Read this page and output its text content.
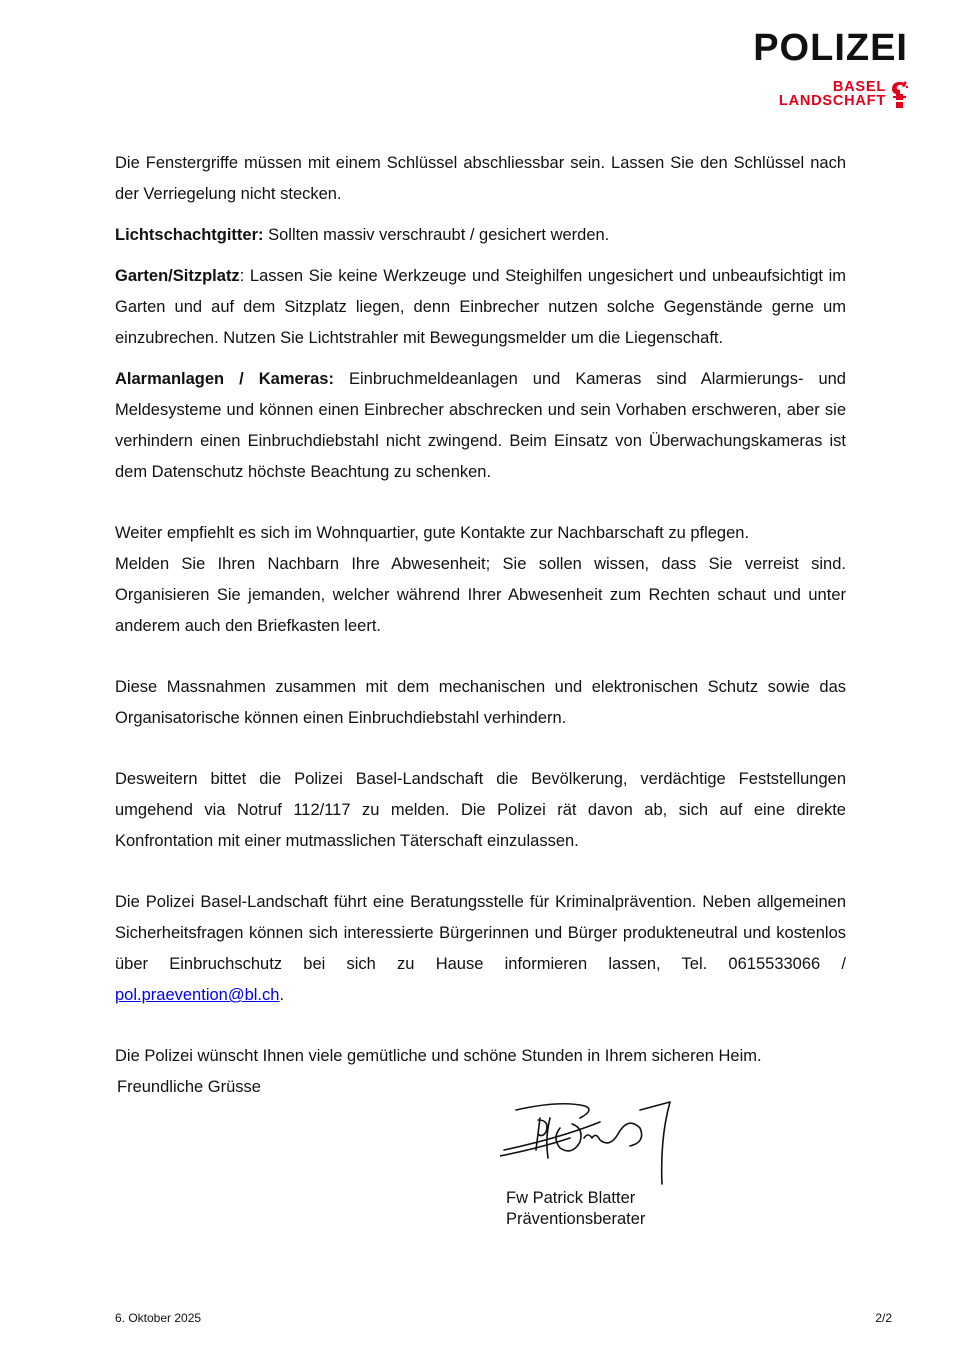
POLIZEI
BASEL
LANDSCHAFT

Die Fenstergriffe müssen mit einem Schlüssel abschliessbar sein. Lassen Sie den Schlüssel nach der Verriegelung nicht stecken.

Lichtschachtgitter: Sollten massiv verschraubt / gesichert werden.

Garten/Sitzplatz: Lassen Sie keine Werkzeuge und Steighilfen ungesichert und unbeaufsichtigt im Garten und auf dem Sitzplatz liegen, denn Einbrecher nutzen solche Gegenstände gerne um einzubrechen. Nutzen Sie Lichtstrahler mit Bewegungsmelder um die Liegenschaft.

Alarmanlagen / Kameras: Einbruchmeldeanlagen und Kameras sind Alarmierungs- und Meldesysteme und können einen Einbrecher abschrecken und sein Vorhaben erschweren, aber sie verhindern einen Einbruchdiebstahl nicht zwingend. Beim Einsatz von Überwachungskameras ist dem Datenschutz höchste Beachtung zu schenken.

Weiter empfiehlt es sich im Wohnquartier, gute Kontakte zur Nachbarschaft zu pflegen.
Melden Sie Ihren Nachbarn Ihre Abwesenheit; Sie sollen wissen, dass Sie verreist sind. Organisieren Sie jemanden, welcher während Ihrer Abwesenheit zum Rechten schaut und unter anderem auch den Briefkasten leert.

Diese Massnahmen zusammen mit dem mechanischen und elektronischen Schutz sowie das Organisatorische können einen Einbruchdiebstahl verhindern.

Desweitern bittet die Polizei Basel-Landschaft die Bevölkerung, verdächtige Feststellungen umgehend via Notruf 112/117 zu melden. Die Polizei rät davon ab, sich auf eine direkte Konfrontation mit einer mutmasslichen Täterschaft einzulassen.

Die Polizei Basel-Landschaft führt eine Beratungsstelle für Kriminalprävention. Neben allgemeinen Sicherheitsfragen können sich interessierte Bürgerinnen und Bürger produkteneutral und kostenlos über Einbruchschutz bei sich zu Hause informieren lassen, Tel. 0615533066 / pol.praevention@bl.ch.

Die Polizei wünscht Ihnen viele gemütliche und schöne Stunden in Ihrem sicheren Heim.

Freundliche Grüsse
Fw Patrick Blatter
Präventionsberater
6. Oktober 2025	2/2
